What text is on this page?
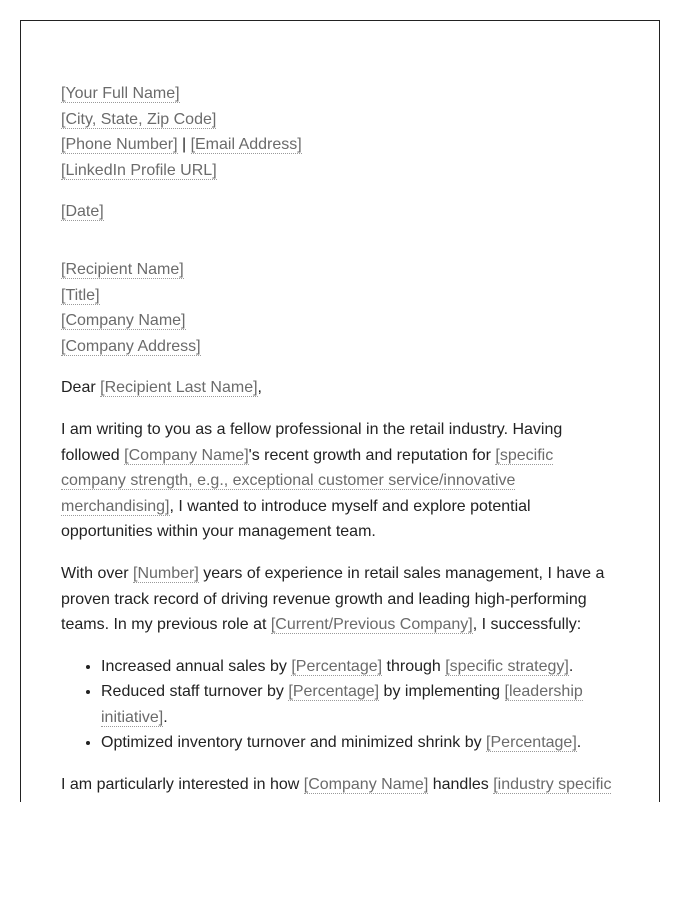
[Your Full Name]
[City, State, Zip Code]
[Phone Number] | [Email Address]
[LinkedIn Profile URL]
[Date]
[Recipient Name]
[Title]
[Company Name]
[Company Address]

Dear [Recipient Last Name],

I am writing to you as a fellow professional in the retail industry. Having followed [Company Name]'s recent growth and reputation for [specific company strength, e.g., exceptional customer service/innovative merchandising], I wanted to introduce myself and explore potential opportunities within your management team.

With over [Number] years of experience in retail sales management, I have a proven track record of driving revenue growth and leading high-performing teams. In my previous role at [Current/Previous Company], I successfully:

• Increased annual sales by [Percentage] through [specific strategy].
• Reduced staff turnover by [Percentage] by implementing [leadership initiative].
• Optimized inventory turnover and minimized shrink by [Percentage].

I am particularly interested in how [Company Name] handles [industry specific
